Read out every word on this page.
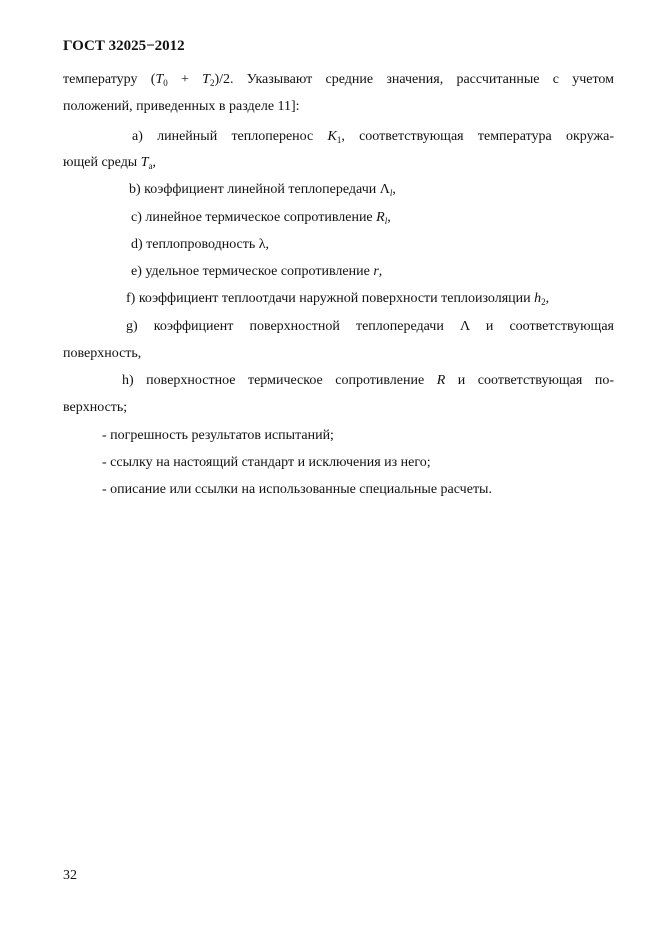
ГОСТ 32025−2012
температуру $(T_0 + T_2)/2$. Указывают средние значения, рассчитанные с учетом
положений, приведенных в разделе 11]:
а) линейный теплоперенос $K_1$, соответствующая температура окружа-
ющей среды $T_a$,
b) коэффициент линейной теплопередачи $\Lambda_l$,
c) линейное термическое сопротивление $R_l$,
d) теплопроводность λ,
e) удельное термическое сопротивление r,
f) коэффициент теплоотдачи наружной поверхности теплоизоляции $h_2$,
g) коэффициент поверхностной теплопередачи Λ и соответствующая
поверхность,
h) поверхностное термическое сопротивление R и соответствующая по-
верхность;
- погрешность результатов испытаний;
- ссылку на настоящий стандарт и исключения из него;
- описание или ссылки на использованные специальные расчеты.
32
